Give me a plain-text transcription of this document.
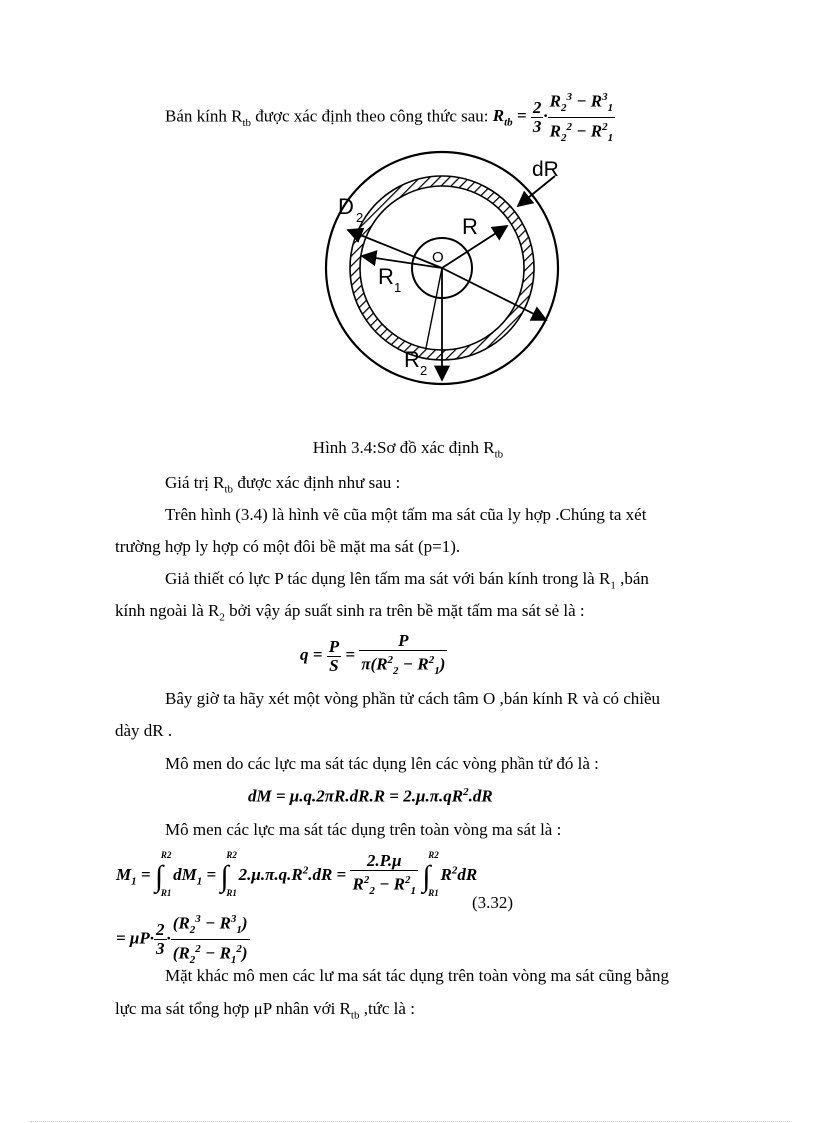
Bán kính $R_{tb}$ được xác định theo công thức sau: $R_{tb} = \frac{2}{3} \cdot \frac{R_2^3 - R^3_1}{R_2^2 - R^2_1}$
dR
D 2	R
O
R 1
R 2
Hình 3.4:Sơ đồ xác định $R_{tb}$
Giá trị $R_{tb}$ được xác định như sau :
Trên hình (3.4) là hình vẽ cũa một tấm ma sát cũa ly hợp .Chúng ta xét
trường hợp ly hợp có một đôi bề mặt ma sát (p=1).
Giả thiết có lực P tác dụng lên tấm ma sát với bán kính trong là $R_1$ ,bán
kính ngoài là $R_2$ bởi vậy áp suất sinh ra trên bề mặt tấm ma sát sẻ là :
$q = \frac{P}{S} = \frac{P}{\pi(R^2_2 - R^2_1)}$
Bây giờ ta hãy xét một vòng phần tử cách tâm O ,bán kính R và có chiều
dày dR .
Mô men do các lực ma sát tác dụng lên các vòng phần tử đó là :
dM = $\mu.q.2\pi R.dR.R = 2.\mu.\pi.qR^2.dR$
Mô men các lực ma sát tác dụng trên toàn vòng ma sát là :
$M_1$ = ∫
R2
R1
$dM_1$ = ∫
R2
R1
$2.\mu.\pi.q.R^2.dR = \frac{2.P.\mu}{R^2_2 - R^2_1}$
∫
R2
R1
$R^2dR$
(3.32)
= $\mu P\cdot \frac{2}{3} \cdot \frac{(R_2^3 - R^3_1)}{(R_2^2 - R_1^2)}$
Mặt khác mô men các lư ma sát tác dụng trên toàn vòng ma sát cũng bằng
lực ma sát tổng hợp μP nhân với $R_{tb}$ ,tức là :
